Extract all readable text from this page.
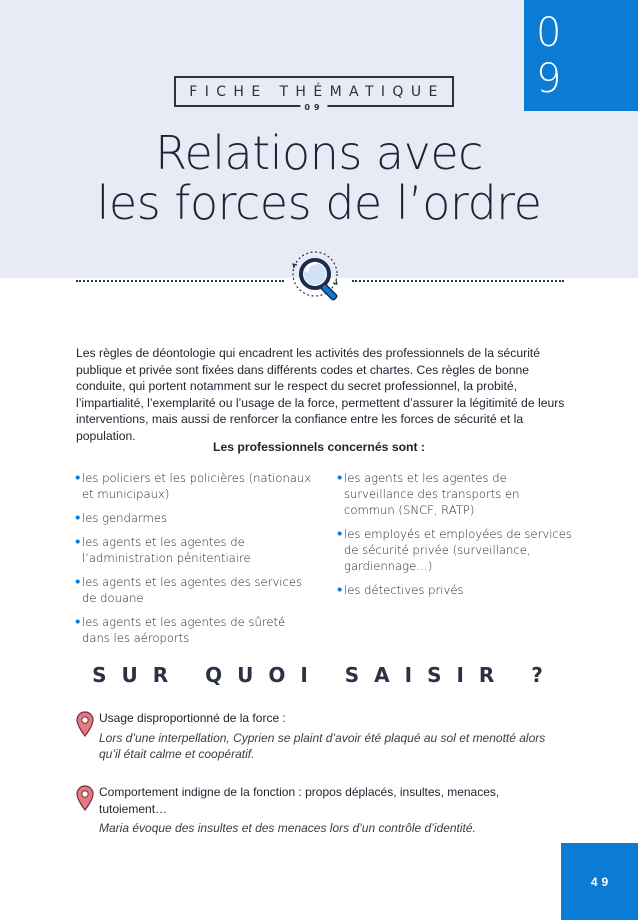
0 9
FICHE THÉMATIQUE
09
Relations avec
les forces de l’ordre

Les règles de déontologie qui encadrent les activités des professionnels de la sécurité publique et privée sont fixées dans différents codes et chartes. Ces règles de bonne conduite, qui portent notamment sur le respect du secret professionnel, la probité, l’impartialité, l’exemplarité ou l’usage de la force, permettent d’assurer la légitimité de leurs interventions, mais aussi de renforcer la confiance entre les forces de sécurité et la population.

Les professionnels concernés sont :
• les policiers et les policières (nationaux et municipaux)
• les gendarmes
• les agents et les agentes de l’administration pénitentiaire
• les agents et les agentes des services de douane
• les agents et les agentes de sûreté dans les aéroports
• les agents et les agentes de surveillance des transports en commun (SNCF, RATP)
• les employés et employées de services de sécurité privée (surveillance, gardiennage…)
• les détectives privés
SUR QUOI SAISIR ?
Usage disproportionné de la force :
Lors d’une interpellation, Cyprien se plaint d’avoir été plaqué au sol et menotté alors qu’il était calme et coopératif.
Comportement indigne de la fonction : propos déplacés, insultes, menaces, tutoiement…
Maria évoque des insultes et des menaces lors d’un contrôle d’identité.
49
